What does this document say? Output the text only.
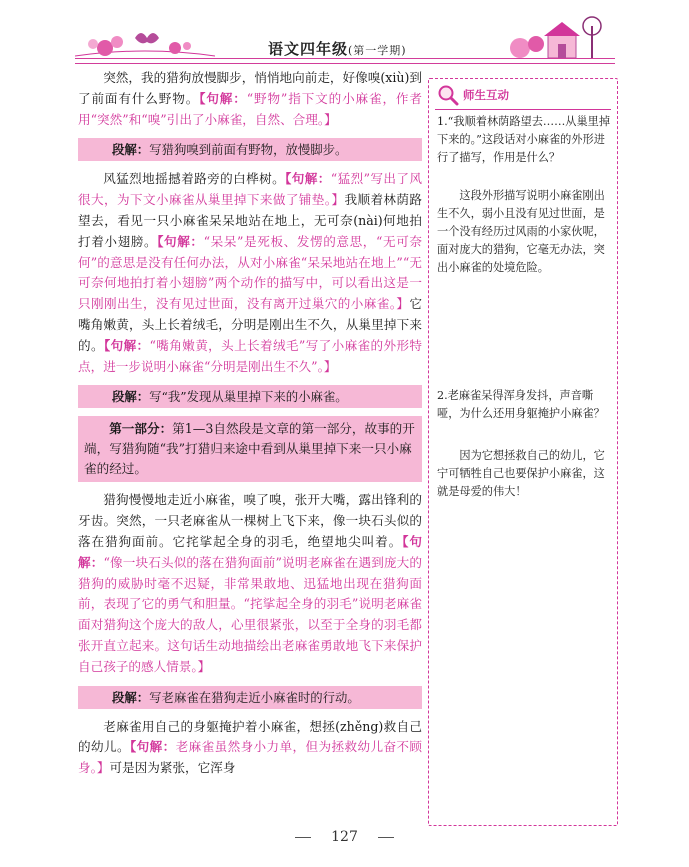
语文四年级(第一学期)

突然，我的猎狗放慢脚步，悄悄地向前走，好像嗅(xiù)到了前面有什么野物。【句解：“野物”指下文的小麻雀，作者用“突然”和“嗅”引出了小麻雀，自然、合理。】

段解：写猎狗嗅到前面有野物，放慢脚步。

风猛烈地摇撼着路旁的白桦树。【句解：“猛烈”写出了风很大，为下文小麻雀从巢里掉下来做了铺垫。】我顺着林荫路望去，看见一只小麻雀呆呆地站在地上，无可奈(nài)何地拍打着小翅膀。【句解：“呆呆”是死板、发愣的意思，“无可奈何”的意思是没有任何办法，从对小麻雀“呆呆地站在地上”“无可奈何地拍打着小翅膀”两个动作的描写中，可以看出这是一只刚刚出生，没有见过世面，没有离开过巢穴的小麻雀。】它嘴角嫩黄，头上长着绒毛，分明是刚出生不久，从巢里掉下来的。【句解：“嘴角嫩黄，头上长着绒毛”写了小麻雀的外形特点，进一步说明小麻雀“分明是刚出生不久”。】

段解：写“我”发现从巢里掉下来的小麻雀。
第一部分：第1—3自然段是文章的第一部分，故事的开端，写猎狗随“我”打猎归来途中看到从巢里掉下来一只小麻雀的经过。

猎狗慢慢地走近小麻雀，嗅了嗅，张开大嘴，露出锋利的牙齿。突然，一只老麻雀从一棵树上飞下来，像一块石头似的落在猎狗面前。它挓挲起全身的羽毛，绝望地尖叫着。【句解：“像一块石头似的落在猎狗面前”说明老麻雀在遇到庞大的猎狗的威胁时毫不迟疑，非常果敢地、迅猛地出现在猎狗面前，表现了它的勇气和胆量。“挓挲起全身的羽毛”说明老麻雀面对猎狗这个庞大的敌人，心里很紧张，以至于全身的羽毛都张开直立起来。这句话生动地描绘出老麻雀勇敢地飞下来保护自己孩子的感人情景。】

段解：写老麻雀在猎狗走近小麻雀时的行动。

老麻雀用自己的身躯掩护着小麻雀，想拯(zhěng)救自己的幼儿。【句解：老麻雀虽然身小力单，但为拯救幼儿奋不顾身。】可是因为紧张，它浑身

师生互动
1.“我顺着林荫路望去……从巢里掉下来的。”这段话对小麻雀的外形进行了描写，作用是什么？
这段外形描写说明小麻雀刚出生不久，弱小且没有见过世面，是一个没有经历过风雨的小家伙呢，面对庞大的猎狗，它毫无办法，突出小麻雀的处境危险。
2.老麻雀呆得浑身发抖，声音嘶哑，为什么还用身躯掩护小麻雀？
因为它想拯救自己的幼儿，它宁可牺牲自己也要保护小麻雀，这就是母爱的伟大！
127
